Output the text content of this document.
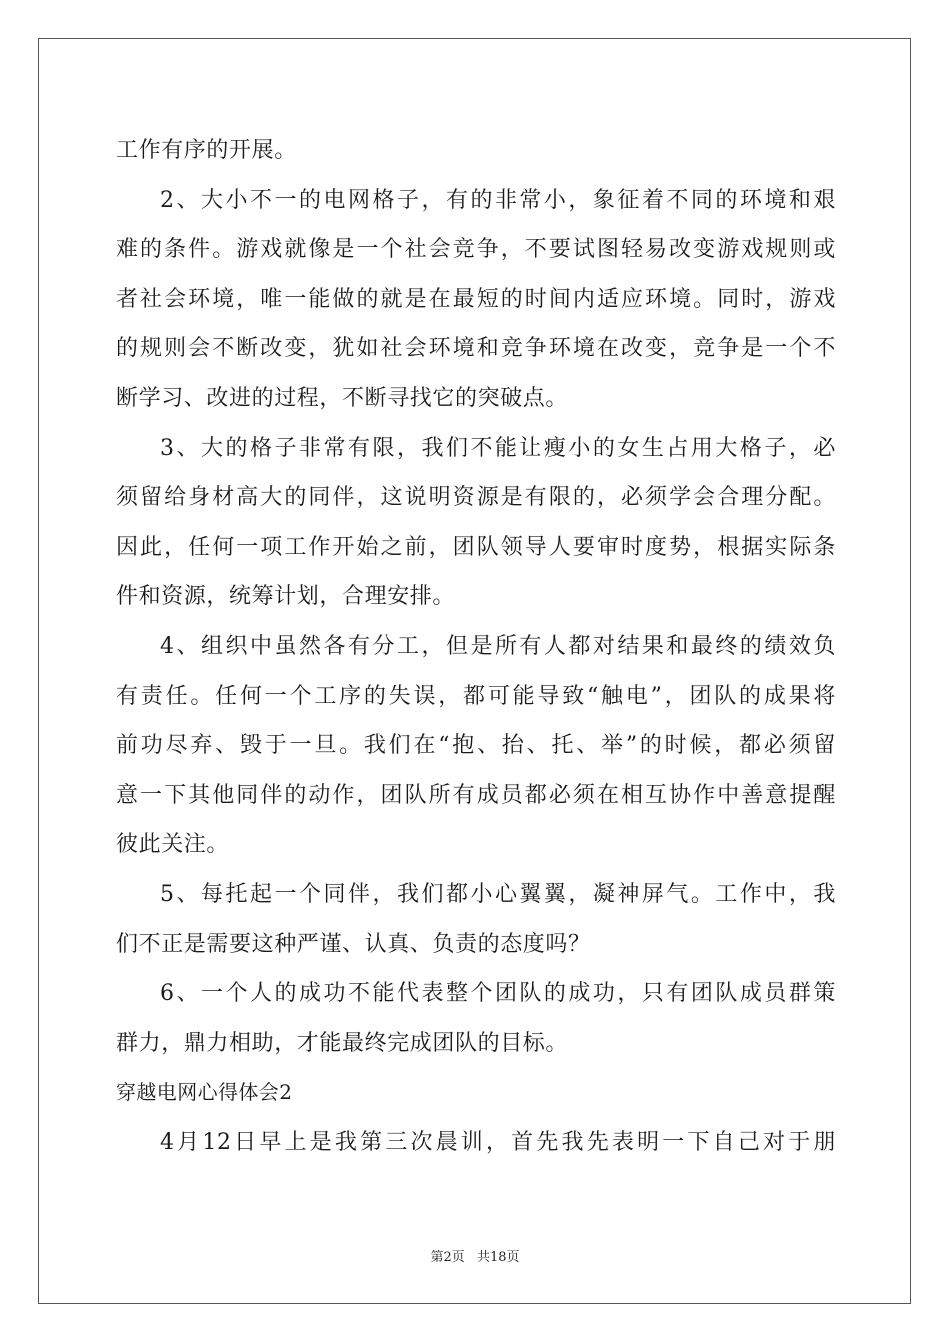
工作有序的开展。
2、大小不一的电网格子，有的非常小，象征着不同的环境和艰
难的条件。游戏就像是一个社会竞争，不要试图轻易改变游戏规则或
者社会环境，唯一能做的就是在最短的时间内适应环境。同时，游戏
的规则会不断改变，犹如社会环境和竞争环境在改变，竞争是一个不
断学习、改进的过程，不断寻找它的突破点。
3、大的格子非常有限，我们不能让瘦小的女生占用大格子，必
须留给身材高大的同伴，这说明资源是有限的，必须学会合理分配。
因此，任何一项工作开始之前，团队领导人要审时度势，根据实际条
件和资源，统筹计划，合理安排。
4、组织中虽然各有分工，但是所有人都对结果和最终的绩效负
有责任。任何一个工序的失误，都可能导致“触电”，团队的成果将
前功尽弃、毁于一旦。我们在“抱、抬、托、举”的时候，都必须留
意一下其他同伴的动作，团队所有成员都必须在相互协作中善意提醒
彼此关注。
5、每托起一个同伴，我们都小心翼翼，凝神屏气。工作中，我
们不正是需要这种严谨、认真、负责的态度吗？
6、一个人的成功不能代表整个团队的成功，只有团队成员群策
群力，鼎力相助，才能最终完成团队的目标。
穿越电网心得体会2
4月12日早上是我第三次晨训，首先我先表明一下自己对于朋
第2页 共18页
